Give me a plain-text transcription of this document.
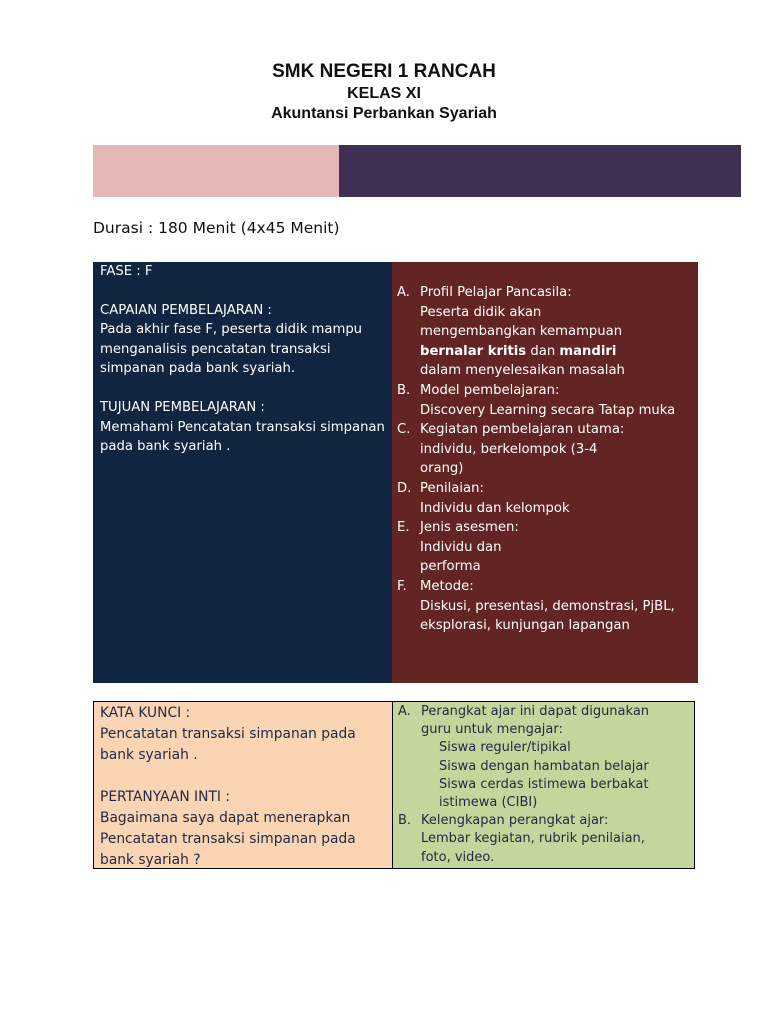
SMK NEGERI 1 RANCAH
KELAS XI
Akuntansi Perbankan Syariah
Durasi : 180 Menit (4x45 Menit)
FASE : F
CAPAIAN PEMBELAJARAN :
Pada akhir fase F, peserta didik mampu menganalisis pencatatan transaksi simpanan pada bank syariah.
TUJUAN PEMBELAJARAN :
Memahami Pencatatan transaksi simpanan pada bank syariah .
A. Profil Pelajar Pancasila:
Peserta didik akan mengembangkan kemampuan bernalar kritis dan mandiri dalam menyelesaikan masalah
B. Model pembelajaran:
Discovery Learning secara Tatap muka
C. Kegiatan pembelajaran utama:
individu, berkelompok (3-4 orang)
D. Penilaian:
Individu dan kelompok
E. Jenis asesmen:
Individu dan performa
F. Metode:
Diskusi, presentasi, demonstrasi, PjBL, eksplorasi, kunjungan lapangan
KATA KUNCI :
Pencatatan transaksi simpanan pada bank syariah .
PERTANYAAN INTI :
Bagaimana saya dapat menerapkan Pencatatan transaksi simpanan pada bank syariah ?
A. Perangkat ajar ini dapat digunakan guru untuk mengajar:
Siswa reguler/tipikal
Siswa dengan hambatan belajar
Siswa cerdas istimewa berbakat istimewa (CIBI)
B. Kelengkapan perangkat ajar:
Lembar kegiatan, rubrik penilaian, foto, video.
